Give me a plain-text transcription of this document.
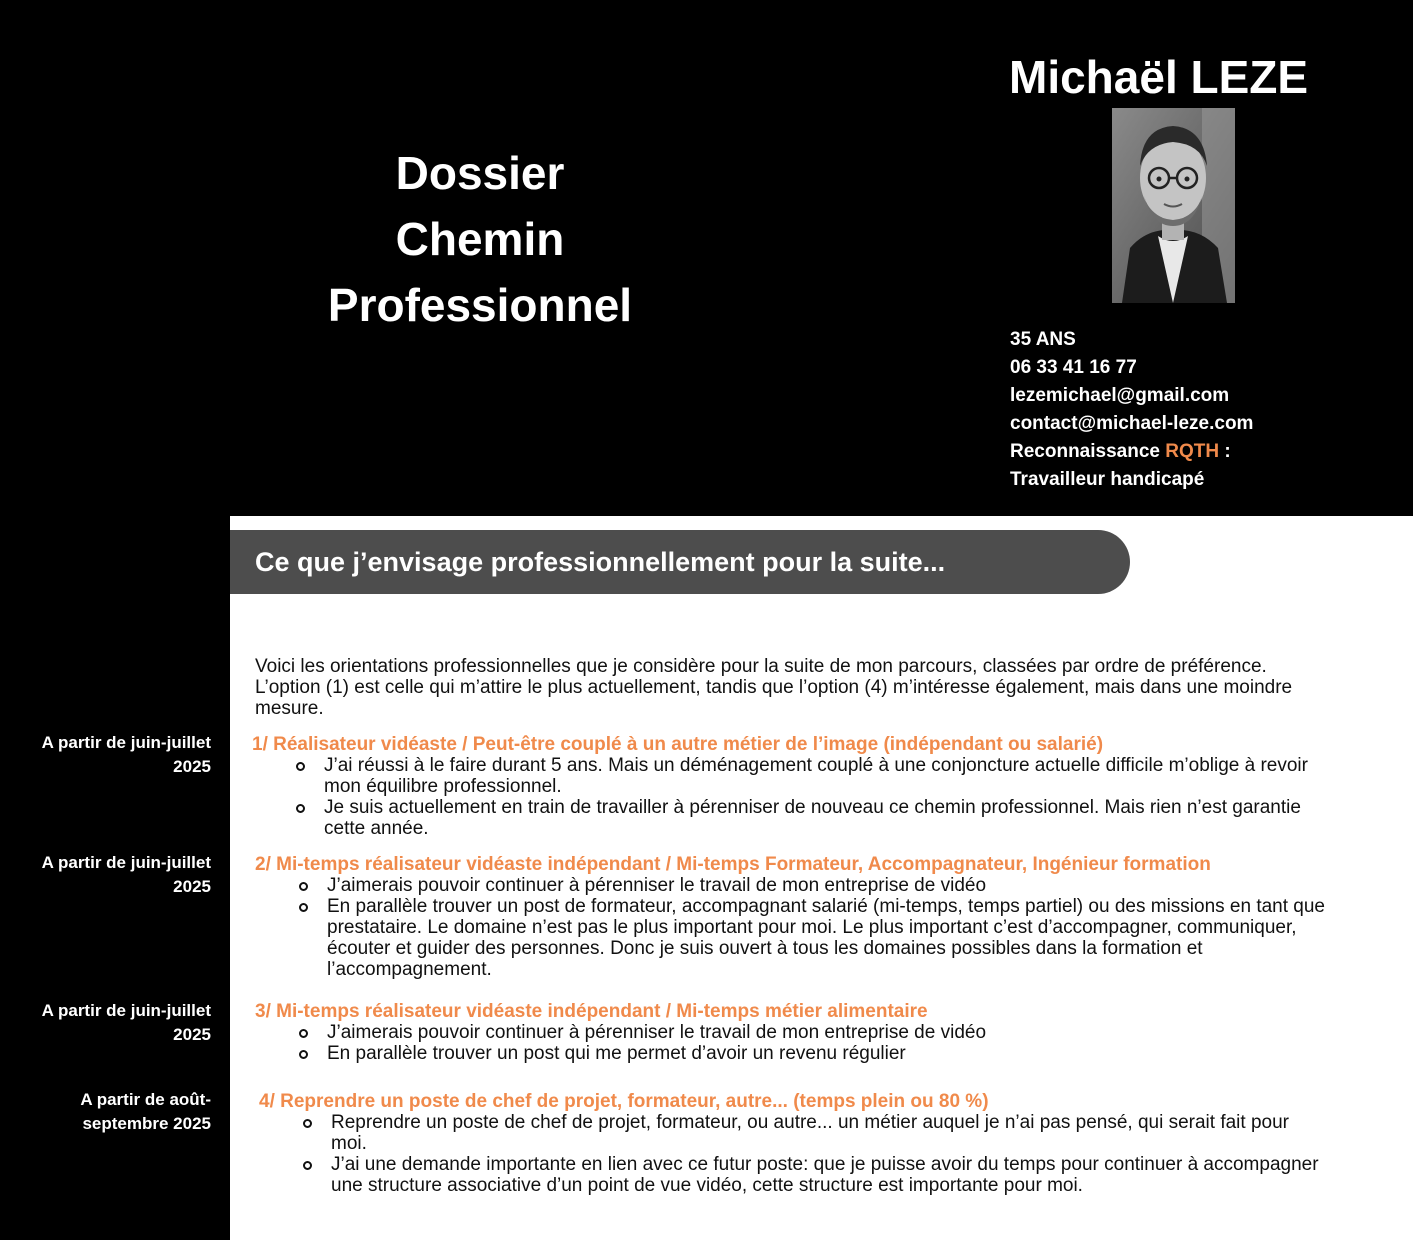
Dossier
Chemin
Professionnel
Michaël LEZE
35 ANS
06 33 41 16 77
lezemichael@gmail.com
contact@michael-leze.com
Reconnaissance RQTH :
Travailleur handicapé
Ce que j’envisage professionnellement pour la suite...
Voici les orientations professionnelles que je considère pour la suite de mon parcours, classées par ordre de préférence. L’option (1) est celle qui m’attire le plus actuellement, tandis que l’option (4) m’intéresse également, mais dans une moindre mesure.
A partir de juin-juillet
2025
A partir de juin-juillet
2025
A partir de juin-juillet
2025
A partir de août-
septembre 2025
1/ Réalisateur vidéaste / Peut-être couplé à un autre métier de l’image (indépendant ou salarié)
J’ai réussi à le faire durant 5 ans. Mais un déménagement couplé à une conjoncture actuelle difficile m’oblige à revoir mon équilibre professionnel.
Je suis actuellement en train de travailler à pérenniser de nouveau ce chemin professionnel. Mais rien n’est garantie cette année.
2/ Mi-temps réalisateur vidéaste indépendant / Mi-temps Formateur, Accompagnateur, Ingénieur formation
J’aimerais pouvoir continuer à pérenniser le travail de mon entreprise de vidéo
En parallèle trouver un post de formateur, accompagnant salarié (mi-temps, temps partiel) ou des missions en tant que prestataire. Le domaine n’est pas le plus important pour moi. Le plus important c’est d’accompagner, communiquer, écouter et guider des personnes. Donc je suis ouvert à tous les domaines possibles dans la formation et l’accompagnement.
3/ Mi-temps réalisateur vidéaste indépendant / Mi-temps métier alimentaire
J’aimerais pouvoir continuer à pérenniser le travail de mon entreprise de vidéo
En parallèle trouver un post qui me permet d’avoir un revenu régulier
4/ Reprendre un poste de chef de projet, formateur, autre... (temps plein ou 80 %)
Reprendre un poste de chef de projet, formateur, ou autre... un métier auquel je n’ai pas pensé, qui serait fait pour moi.
J’ai une demande importante en lien avec ce futur poste: que je puisse avoir du temps pour continuer à accompagner une structure associative d’un point de vue vidéo, cette structure est importante pour moi.
